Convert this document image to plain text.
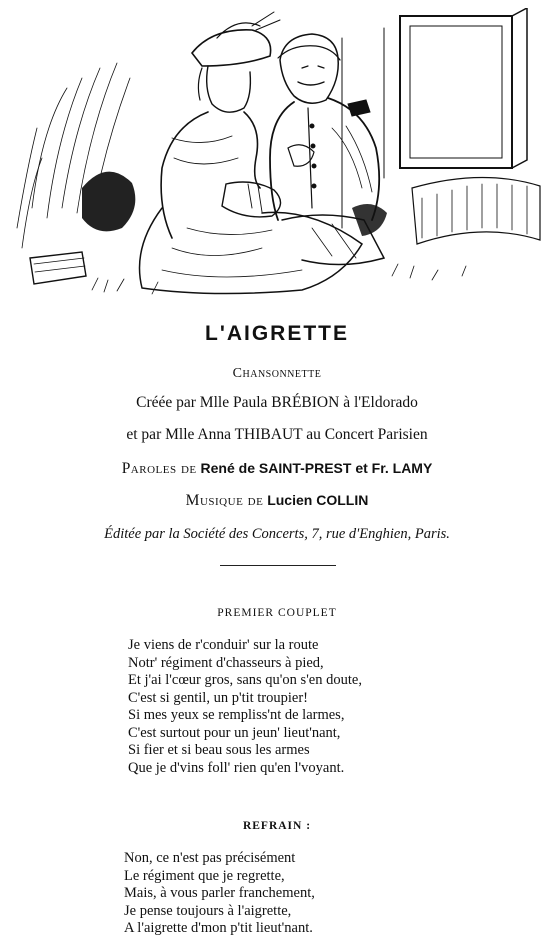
L'AIGRETTE
Chansonnette
Créée par Mlle Paula BRÉBION à l'Eldorado
et par Mlle Anna THIBAUT au Concert Parisien
Paroles de René de SAINT-PREST et Fr. LAMY
Musique de Lucien COLLIN
Éditée par la Société des Concerts, 7, rue d'Enghien, Paris.
PREMIER COUPLET
Je viens de r'conduir' sur la route
Notr' régiment d'chasseurs à pied,
Et j'ai l'cœur gros, sans qu'on s'en doute,
C'est si gentil, un p'tit troupier!
Si mes yeux se rempliss'nt de larmes,
C'est surtout pour un jeun' lieut'nant,
Si fier et si beau sous les armes
Que je d'vins foll' rien qu'en l'voyant.
REFRAIN :
Non, ce n'est pas précisément
Le régiment que je regrette,
Mais, à vous parler franchement,
Je pense toujours à l'aigrette,
A l'aigrette d'mon p'tit lieut'nant.
